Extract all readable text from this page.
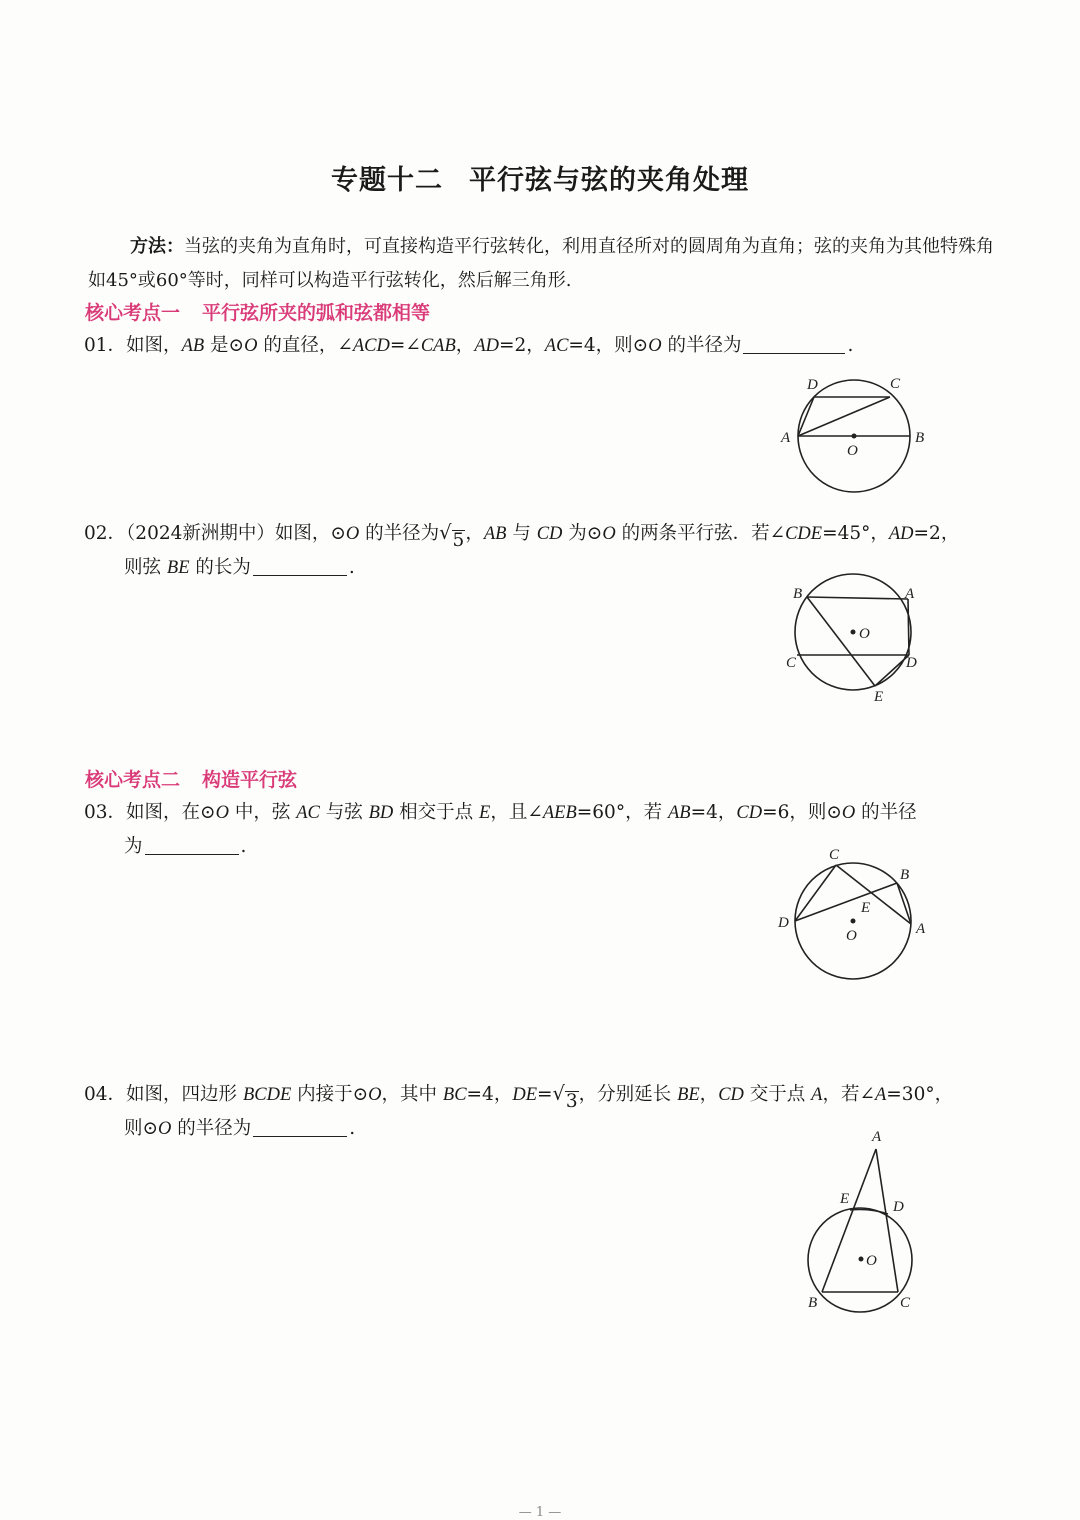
专题十二 平行弦与弦的夹角处理
方法：当弦的夹角为直角时，可直接构造平行弦转化，利用直径所对的圆周角为直角；弦的夹角为其他特殊角如45°或60°等时，同样可以构造平行弦转化，然后解三角形.
核心考点一 平行弦所夹的弧和弦都相等
01．如图，AB 是⊙O 的直径，∠ACD=∠CAB，AD=2，AC=4，则⊙O 的半径为	.
D	C
A	B
O
02．（2024新洲期中）如图，⊙O 的半径为 √ 5 ，AB 与 CD 为⊙O 的两条平行弦．若∠CDE=45°，AD=2，
则弦 BE 的长为	.
B	A
O
C	D
E
核心考点二 构造平行弦
03．如图，在⊙O 中，弦 AC 与弦 BD 相交于点 E，且∠AEB=60°，若 AB=4，CD=6，则⊙O 的半径
为	.	C
B
E
D
O	A
04．如图，四边形 BCDE 内接于⊙O，其中 BC=4，DE= √ 3 ，分别延长 BE，CD 交于点 A，若∠A=30°，
则⊙O 的半径为	.	A
E	D
O
B	C
— 1 —
